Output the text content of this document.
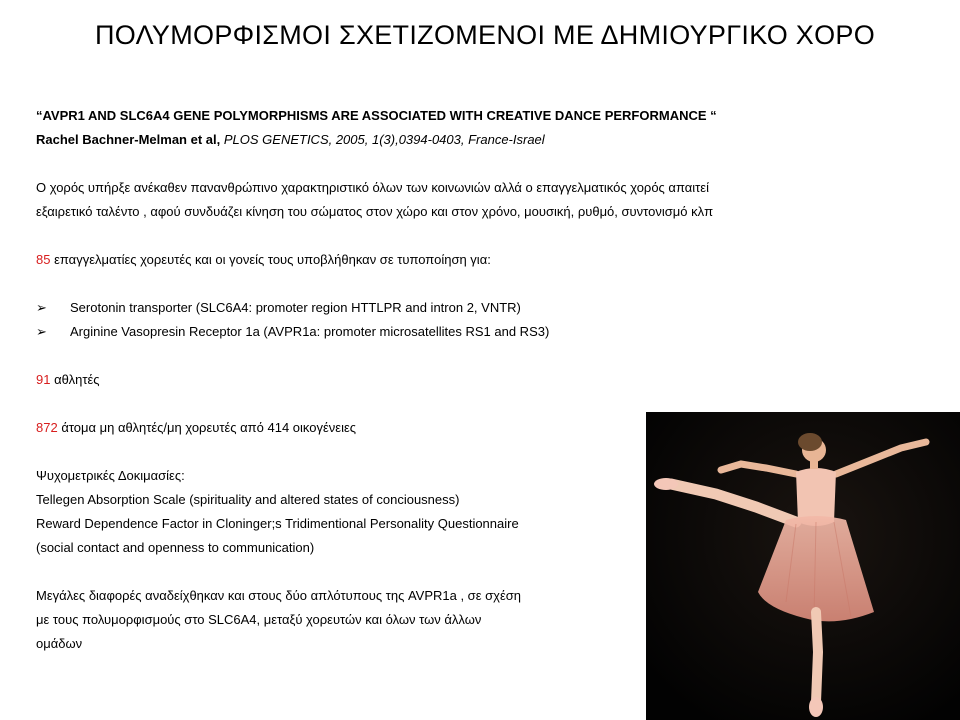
ΠΟΛΥΜΟΡΦΙΣΜΟΙ ΣΧΕΤΙΖΟΜΕΝΟΙ ΜΕ ΔΗΜΙΟΥΡΓΙΚΟ ΧΟΡΟ
“AVPR1 AND SLC6A4 GENE POLYMORPHISMS ARE ASSOCIATED WITH CREATIVE DANCE PERFORMANCE “
Rachel Bachner-Melman et al, PLOS GENETICS, 2005, 1(3),0394-0403, France-Israel
Ο χορός υπήρξε ανέκαθεν πανανθρώπινο χαρακτηριστικό όλων των κοινωνιών αλλά ο επαγγελματικός χορός απαιτεί
εξαιρετικό ταλέντο , αφού συνδυάζει κίνηση του σώματος στον χώρο και στον χρόνο, μουσική, ρυθμό, συντονισμό κλπ
85 επαγγελματίες χορευτές και οι γονείς τους υποβλήθηκαν σε τυποποίηση για:
➢ Serotonin transporter (SLC6A4: promoter region HTTLPR and intron 2, VNTR)
➢ Arginine Vasopresin Receptor 1a (AVPR1a: promoter microsatellites RS1 and RS3)
91 αθλητές
872 άτομα μη αθλητές/μη χορευτές από 414 οικογένειες
Ψυχομετρικές Δοκιμασίες:
Tellegen Absorption Scale (spirituality and altered states of conciousness)
Reward Dependence Factor in Cloninger;s Tridimentional Personality Questionnaire
(social contact and openness to communication)
Μεγάλες διαφορές αναδείχθηκαν και στους δύο απλότυπους της AVPR1a , σε σχέση
με τους πολυμορφισμούς στο SLC6A4, μεταξύ χορευτών και όλων των άλλων
ομάδων
